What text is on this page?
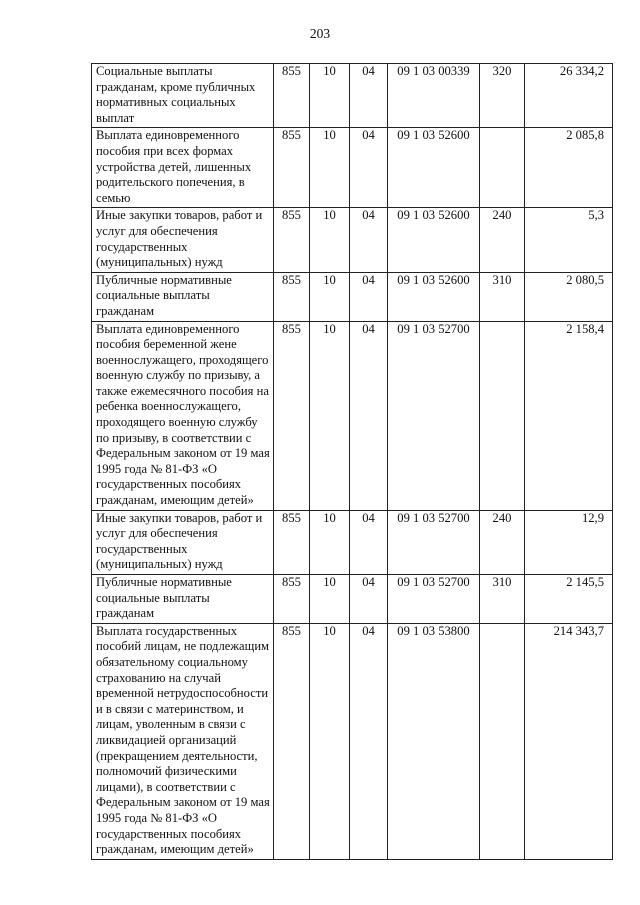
203
Социальные выплаты гражданам, кроме публичных нормативных социальных выплат	855	10	04	09 1 03 00339	320	26 334,2
Выплата единовременного пособия при всех формах устройства детей, лишенных родительского попечения, в семью	855	10	04	09 1 03 52600		2 085,8
Иные закупки товаров, работ и услуг для обеспечения государственных (муниципальных) нужд	855	10	04	09 1 03 52600	240	5,3
Публичные нормативные социальные выплаты гражданам	855	10	04	09 1 03 52600	310	2 080,5
Выплата единовременного пособия беременной жене военнослужащего, проходящего военную службу по призыву, а также ежемесячного пособия на ребенка военнослужащего, проходящего военную службу по призыву, в соответствии с Федеральным законом от 19 мая 1995 года № 81-ФЗ «О государственных пособиях гражданам, имеющим детей»	855	10	04	09 1 03 52700		2 158,4
Иные закупки товаров, работ и услуг для обеспечения государственных (муниципальных) нужд	855	10	04	09 1 03 52700	240	12,9
Публичные нормативные социальные выплаты гражданам	855	10	04	09 1 03 52700	310	2 145,5
Выплата государственных пособий лицам, не подлежащим обязательному социальному страхованию на случай временной нетрудоспособности и в связи с материнством, и лицам, уволенным в связи с ликвидацией организаций (прекращением деятельности, полномочий физическими лицами), в соответствии с Федеральным законом от 19 мая 1995 года № 81-ФЗ «О государственных пособиях гражданам, имеющим детей»	855	10	04	09 1 03 53800		214 343,7
